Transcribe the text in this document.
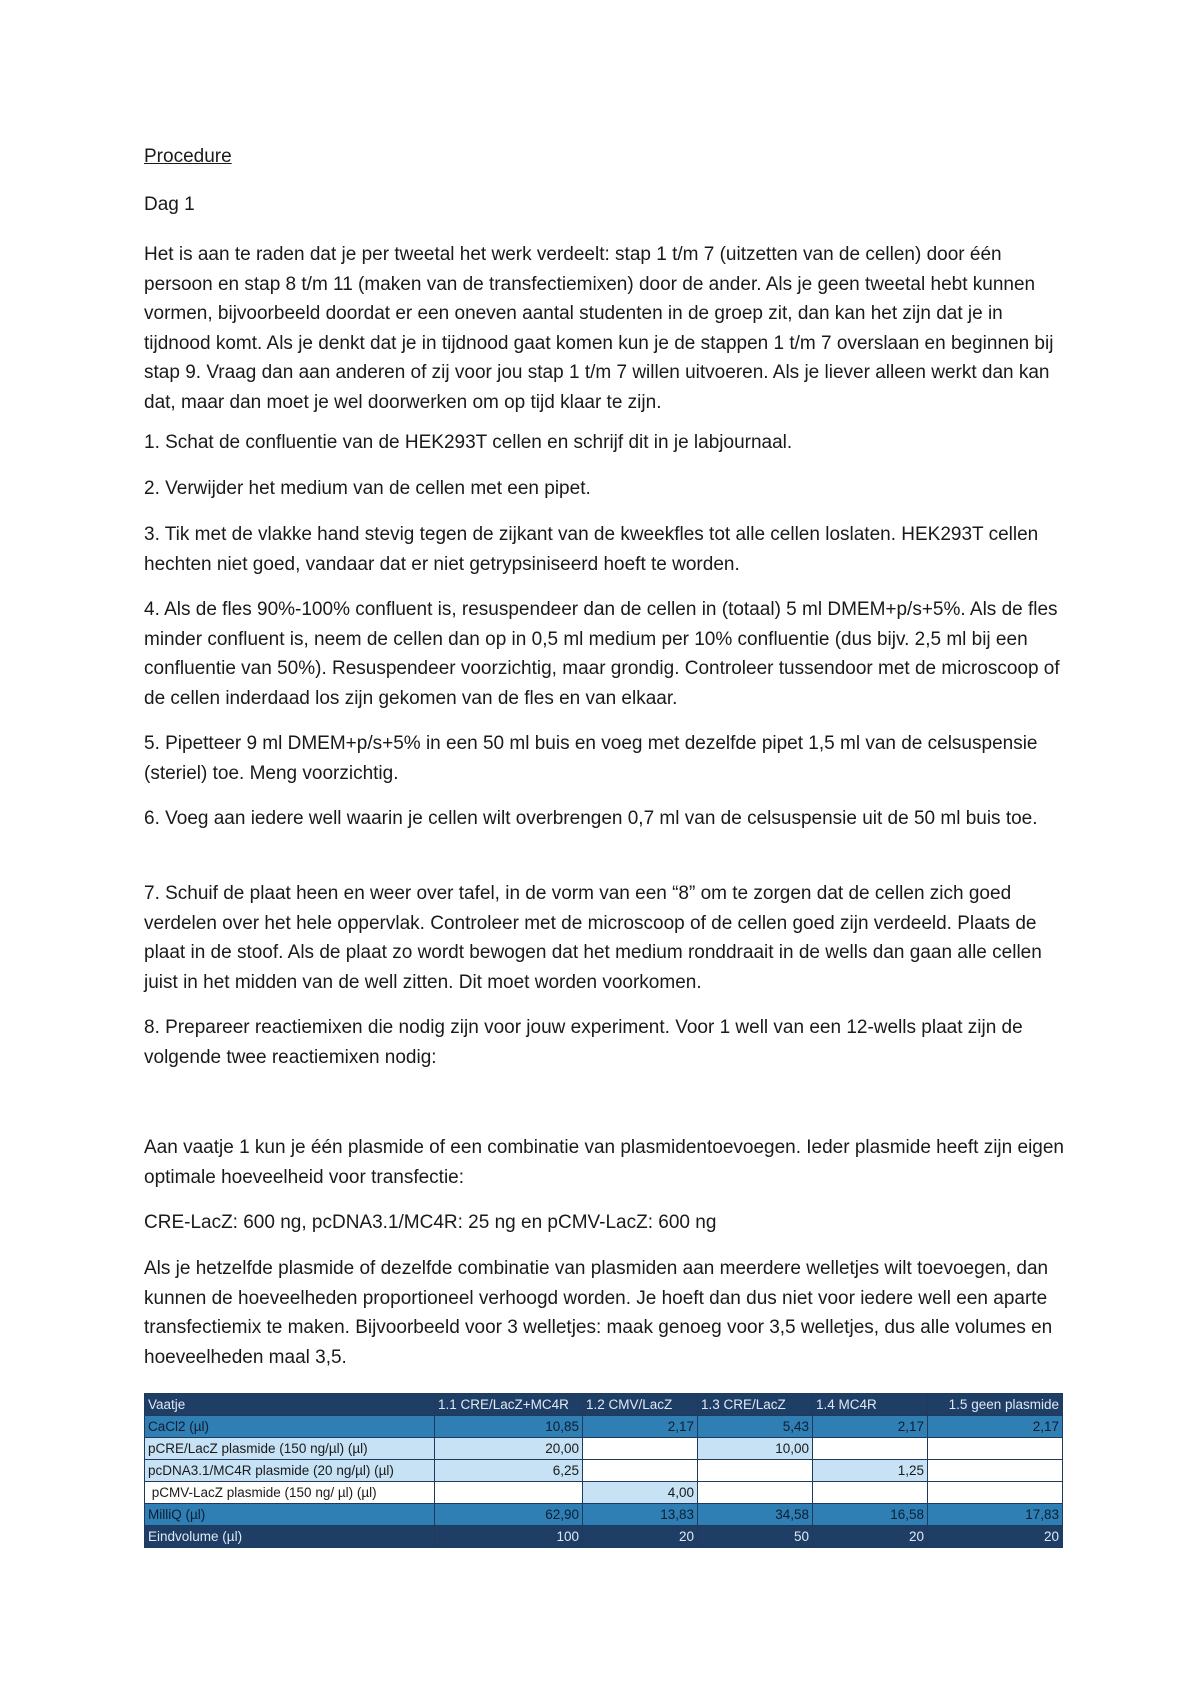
Procedure

Dag 1

Het is aan te raden dat je per tweetal het werk verdeelt: stap 1 t/m 7 (uitzetten van de cellen) door één persoon en stap 8 t/m 11 (maken van de transfectiemixen) door de ander. Als je geen tweetal hebt kunnen vormen, bijvoorbeeld doordat er een oneven aantal studenten in de groep zit, dan kan het zijn dat je in tijdnood komt. Als je denkt dat je in tijdnood gaat komen kun je de stappen 1 t/m 7 overslaan en beginnen bij stap 9. Vraag dan aan anderen of zij voor jou stap 1 t/m 7 willen uitvoeren. Als je liever alleen werkt dan kan dat, maar dan moet je wel doorwerken om op tijd klaar te zijn.

1. Schat de confluentie van de HEK293T cellen en schrijf dit in je labjournaal.

2. Verwijder het medium van de cellen met een pipet.

3. Tik met de vlakke hand stevig tegen de zijkant van de kweekfles tot alle cellen loslaten. HEK293T cellen hechten niet goed, vandaar dat er niet getrypsiniseerd hoeft te worden.

4. Als de fles 90%-100% confluent is, resuspendeer dan de cellen in (totaal) 5 ml DMEM+p/s+5%. Als de fles minder confluent is, neem de cellen dan op in 0,5 ml medium per 10% confluentie (dus bijv. 2,5 ml bij een confluentie van 50%). Resuspendeer voorzichtig, maar grondig. Controleer tussendoor met de microscoop of de cellen inderdaad los zijn gekomen van de fles en van elkaar.

5. Pipetteer 9 ml DMEM+p/s+5% in een 50 ml buis en voeg met dezelfde pipet 1,5 ml van de celsuspensie (steriel) toe. Meng voorzichtig.

6. Voeg aan iedere well waarin je cellen wilt overbrengen 0,7 ml van de celsuspensie uit de 50 ml buis toe.

7. Schuif de plaat heen en weer over tafel, in de vorm van een “8” om te zorgen dat de cellen zich goed verdelen over het hele oppervlak. Controleer met de microscoop of de cellen goed zijn verdeeld. Plaats de plaat in de stoof. Als de plaat zo wordt bewogen dat het medium ronddraait in de wells dan gaan alle cellen juist in het midden van de well zitten. Dit moet worden voorkomen.

8. Prepareer reactiemixen die nodig zijn voor jouw experiment. Voor 1 well van een 12-wells plaat zijn de volgende twee reactiemixen nodig:

Aan vaatje 1 kun je één plasmide of een combinatie van plasmidentoevoegen. Ieder plasmide heeft zijn eigen optimale hoeveelheid voor transfectie:

CRE-LacZ: 600 ng, pcDNA3.1/MC4R: 25 ng en pCMV-LacZ: 600 ng

Als je hetzelfde plasmide of dezelfde combinatie van plasmiden aan meerdere welletjes wilt toevoegen, dan kunnen de hoeveelheden proportioneel verhoogd worden. Je hoeft dan dus niet voor iedere well een aparte transfectiemix te maken. Bijvoorbeeld voor 3 welletjes: maak genoeg voor 3,5 welletjes, dus alle volumes en hoeveelheden maal 3,5.

Vaatje	1.1 CRE/LacZ+MC4R	1.2 CMV/LacZ	1.3 CRE/LacZ	1.4 MC4R	1.5 geen plasmide
CaCl2 (µl)	10,85	2,17	5,43	2,17	2,17
pCRE/LacZ plasmide (150 ng/µl) (µl)	20,00		10,00		
pcDNA3.1/MC4R plasmide (20 ng/µl) (µl)	6,25			1,25	
pCMV-LacZ plasmide (150 ng/ µl) (µl)		4,00			
MilliQ (µl)	62,90	13,83	34,58	16,58	17,83
Eindvolume (µl)	100	20	50	20	20
